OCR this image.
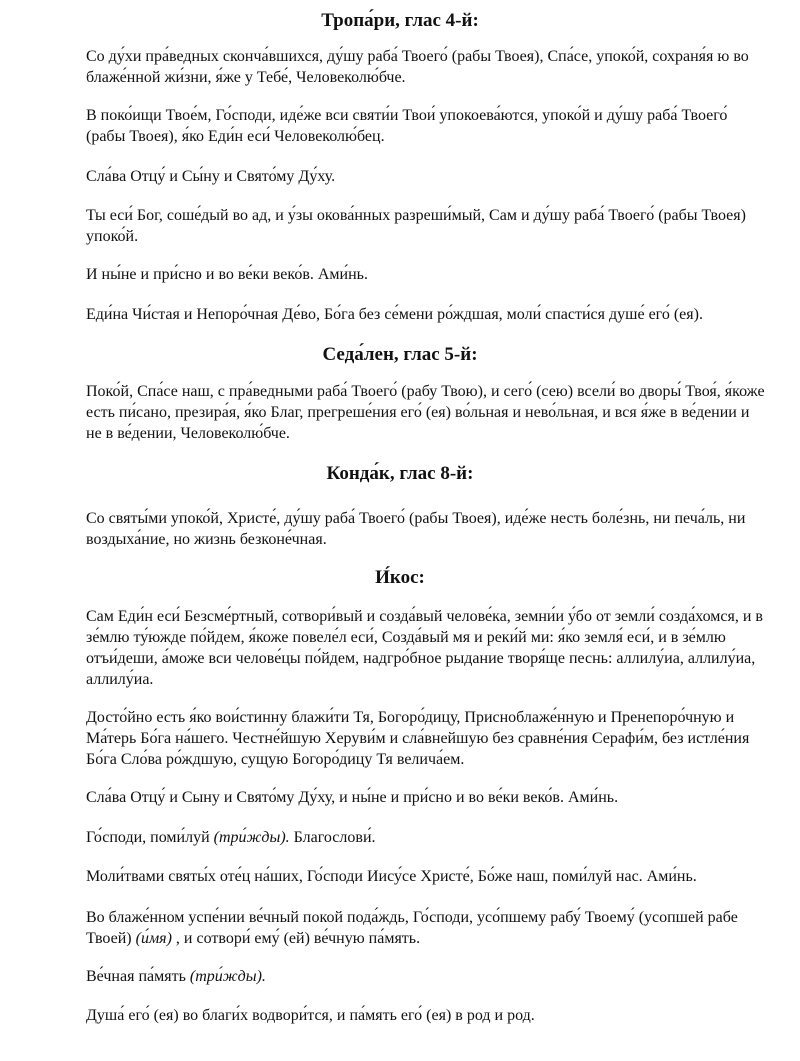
Тропа́ри, глас 4-й:

Со ду́хи пра́ведных сконча́вшихся, ду́шу раба́ Твоего́ (рабы Твоея), Спа́се, упоко́й, сохраня́я ю во блаже́нной жи́зни, я́же у Тебе́, Человеколю́бче.

В поко́ищи Твое́м, Го́споди, иде́же вси святи́и Твои́ упокоева́ются, упоко́й и ду́шу раба́ Твоего́ (рабы Твоея), я́ко Еди́н еси́ Человеколю́бец.

Сла́ва Отцу́ и Сы́ну и Свято́му Ду́ху.

Ты еси́ Бог, соше́дый во ад, и у́зы окова́нных разреши́мый, Сам и ду́шу раба́ Твоего́ (рабы Твоея) упоко́й.

И ны́не и при́сно и во ве́ки веко́в. Ами́нь.

Еди́на Чи́стая и Непоро́чная Де́во, Бо́га без се́мени ро́ждшая, моли́ спасти́ся душе́ его́ (ея).

Седа́лен, глас 5-й:

Поко́й, Спа́се наш, с пра́ведными раба́ Твоего́ (рабу Твою), и сего́ (сею) всели́ во дворы́ Твоя́, я́коже есть пи́сано, презира́я, я́ко Благ, прегреше́ния его́ (ея) во́льная и нево́льная, и вся я́же в ве́дении и не в ве́дении, Человеколю́бче.

Конда́к, глас 8-й:

Со святы́ми упоко́й, Христе́, ду́шу раба́ Твоего́ (рабы Твоея), иде́же несть боле́знь, ни печа́ль, ни воздыха́ние, но жизнь безконе́чная.

И́кос:

Сам Еди́н еси́ Безсме́ртный, сотвори́вый и созда́вый челове́ка, земни́и у́бо от земли́ созда́хомся, и в зе́млю ту́южде по́йдем, я́коже повеле́л еси́, Созда́вый мя и реки́й ми: я́ко земля́ еси́, и в зе́млю отъи́деши, а́може вси челове́цы по́йдем, надгро́бное рыдание творя́ще песнь: аллилу́иа, аллилу́иа, аллилу́иа.

Досто́йно есть я́ко вои́стинну блажи́ти Тя, Богоро́дицу, Присноблаже́нную и Пренепоро́чную и Ма́терь Бо́га на́шего. Честне́йшую Херуви́м и сла́внейшую без сравне́ния Серафи́м, без истле́ния Бо́га Сло́ва ро́ждшую, сущую Богоро́дицу Тя велича́ем.

Сла́ва Отцу́ и Сыну и Свято́му Ду́ху, и ны́не и при́сно и во ве́ки веко́в. Ами́нь.

Го́споди, поми́луй (три́жды). Благослови́.

Моли́твами святы́х оте́ц на́ших, Го́споди Иису́се Христе́, Бо́же наш, поми́луй нас. Ами́нь.

Во блаже́нном успе́нии ве́чный покой пода́ждь, Го́споди, усо́пшему рабу́ Твоему́ (усопшей рабе Твоей) (и́мя) , и сотвори́ ему́ (ей) ве́чную па́мять.

Ве́чная па́мять (три́жды).

Душа́ его́ (ея) во благи́х водвори́тся, и па́мять его́ (ея) в род и род.
